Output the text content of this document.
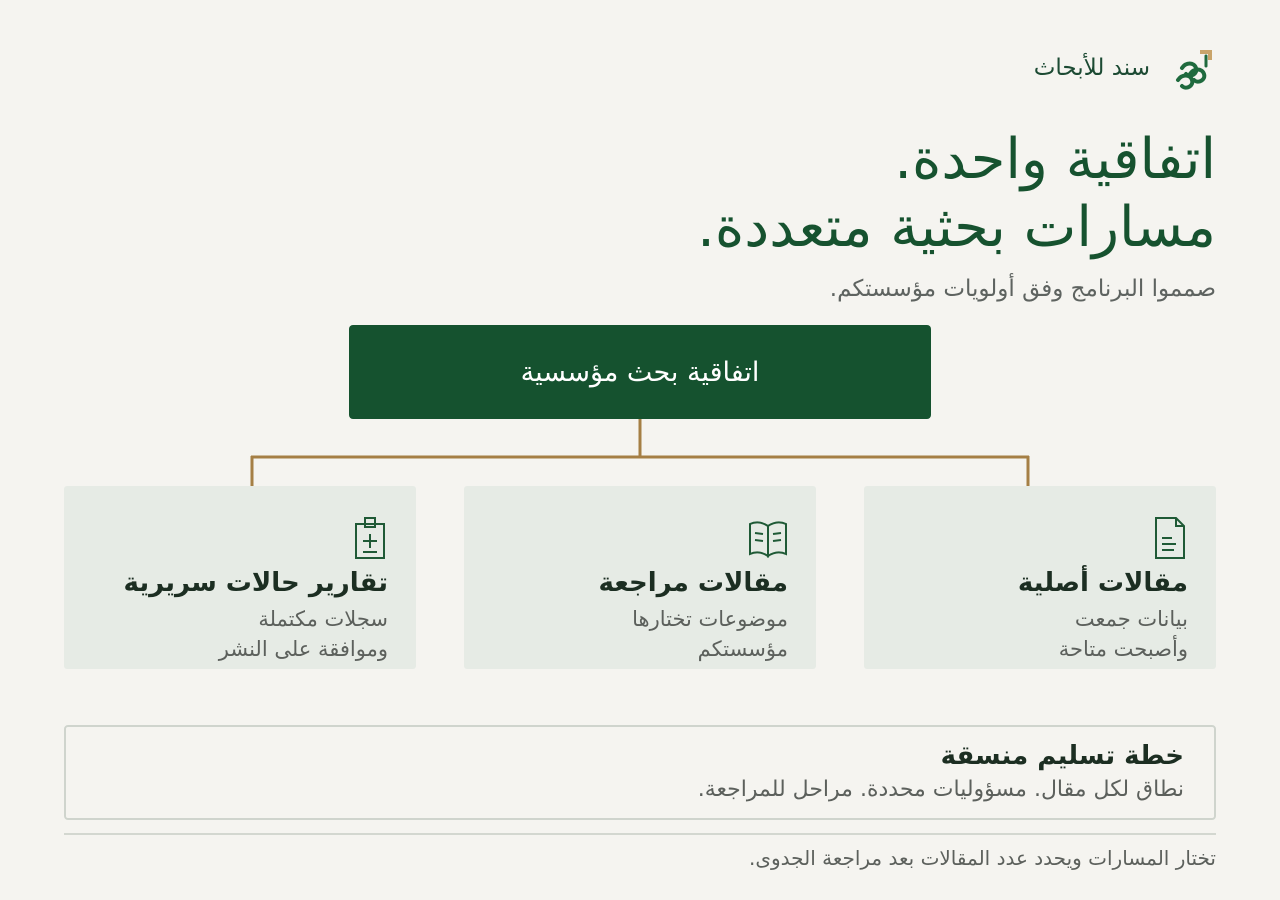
سند للأبحاث
اتفاقية واحدة.
مسارات بحثية متعددة.
صمموا البرنامج وفق أولويات مؤسستكم.
اتفاقية بحث مؤسسية
مقالات أصلية
بيانات جمعت
وأصبحت متاحة
مقالات مراجعة
موضوعات تختارها
مؤسستكم
تقارير حالات سريرية
سجلات مكتملة
وموافقة على النشر
خطة تسليم منسقة
نطاق لكل مقال. مسؤوليات محددة. مراحل للمراجعة.
تختار المسارات ويحدد عدد المقالات بعد مراجعة الجدوى.
